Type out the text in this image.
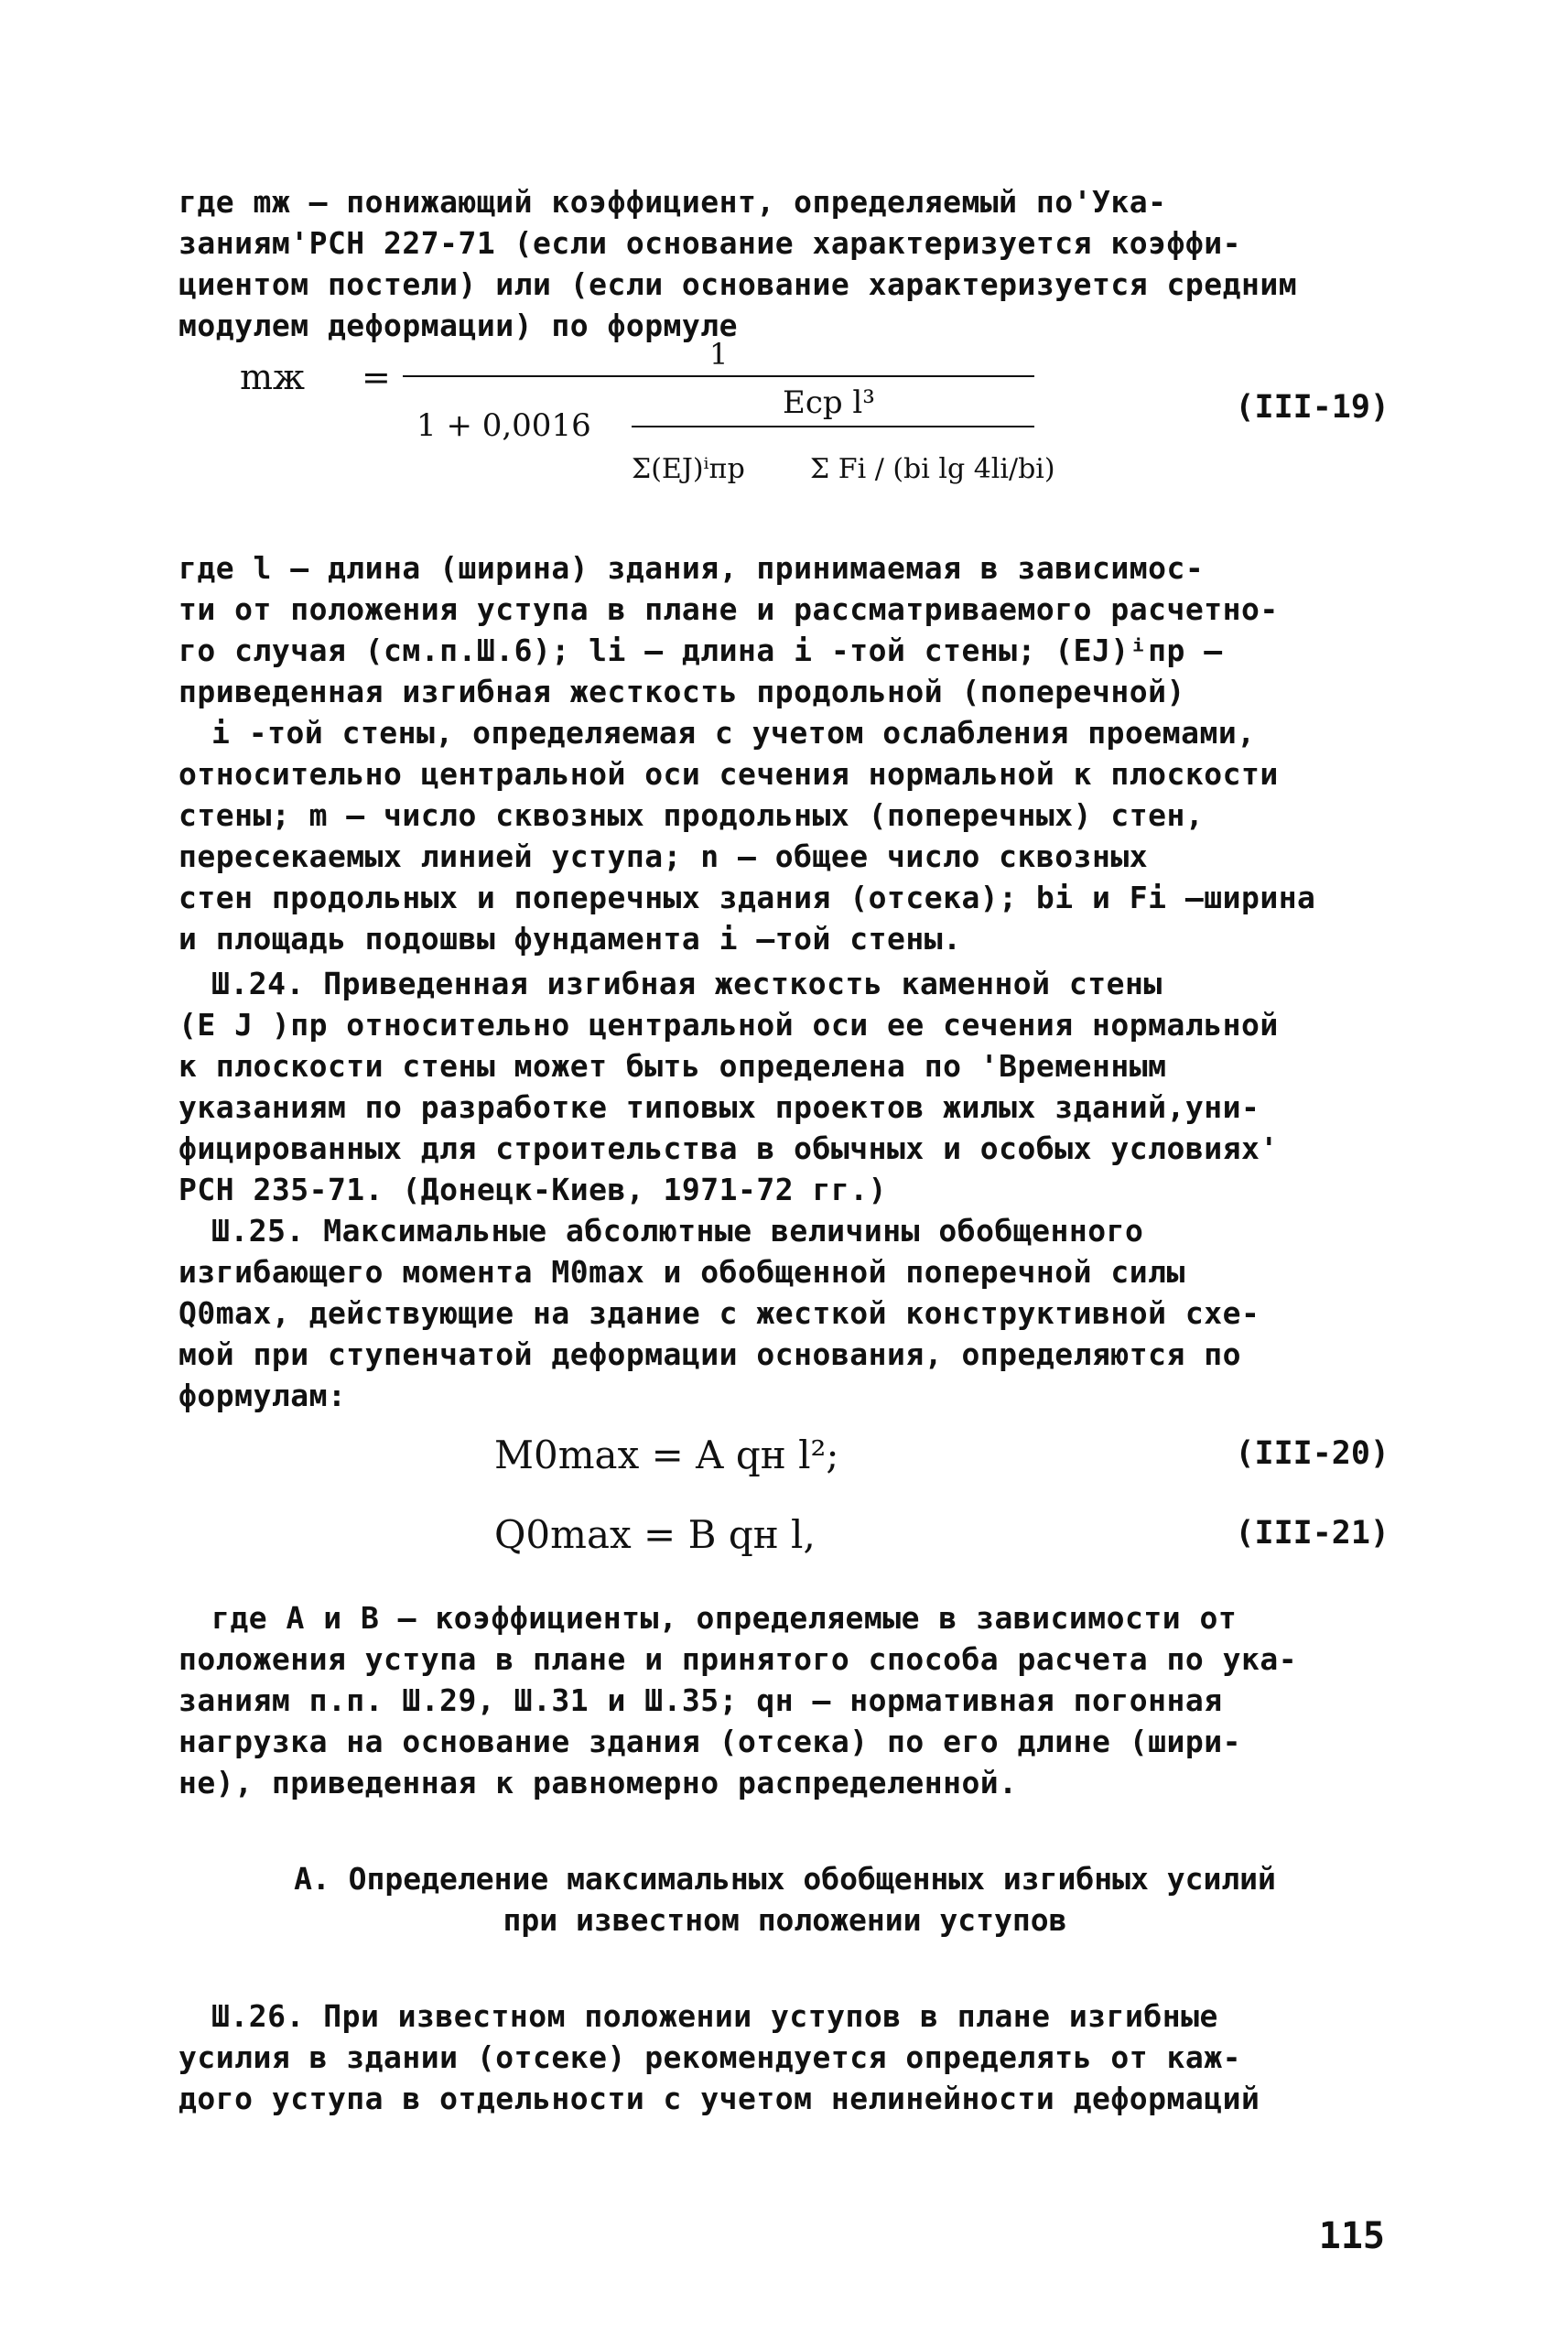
где mж – понижающий коэффициент, определяемый по'Ука-
заниям'РСН 227-71 (если основание характеризуется коэффи-
циентом постели) или (если основание характеризуется средним
модулем деформации) по формуле
mж =
1
1 + 0,0016
Eср l³
Σ(EJ)ⁱпр Σ Fi / (bi lg 4li/bi)
(III-19)
где l – длина (ширина) здания, принимаемая в зависимос-
ти от положения уступа в плане и рассматриваемого расчетно-
го случая (см.п.Ш.6); li – длина i -той стены; (EJ)ⁱпр –
приведенная изгибная жесткость продольной (поперечной)
i -той стены, определяемая с учетом ослабления проемами,
относительно центральной оси сечения нормальной к плоскости
стены; m – число сквозных продольных (поперечных) стен,
пересекаемых линией уступа; n – общее число сквозных
стен продольных и поперечных здания (отсека); bi и Fi –ширина
и площадь подошвы фундамента i –той стены.
Ш.24. Приведенная изгибная жесткость каменной стены
(E J )пр относительно центральной оси ее сечения нормальной
к плоскости стены может быть определена по 'Временным
указаниям по разработке типовых проектов жилых зданий,уни-
фицированных для строительства в обычных и особых условиях'
РСН 235-71. (Донецк-Киев, 1971-72 гг.)
Ш.25. Максимальные абсолютные величины обобщенного
изгибающего момента M0max и обобщенной поперечной силы
Q0max, действующие на здание с жесткой конструктивной схе-
мой при ступенчатой деформации основания, определяются по
формулам:
M0max = A qн l²;	(III-20)
Q0max = B qн l,	(III-21)
где A и B – коэффициенты, определяемые в зависимости от
положения уступа в плане и принятого способа расчета по ука-
заниям п.п. Ш.29, Ш.31 и Ш.35; qн – нормативная погонная
нагрузка на основание здания (отсека) по его длине (шири-
не), приведенная к равномерно распределенной.
А. Определение максимальных обобщенных изгибных усилий
при известном положении уступов
Ш.26. При известном положении уступов в плане изгибные
усилия в здании (отсеке) рекомендуется определять от каж-
дого уступа в отдельности с учетом нелинейности деформаций
115
